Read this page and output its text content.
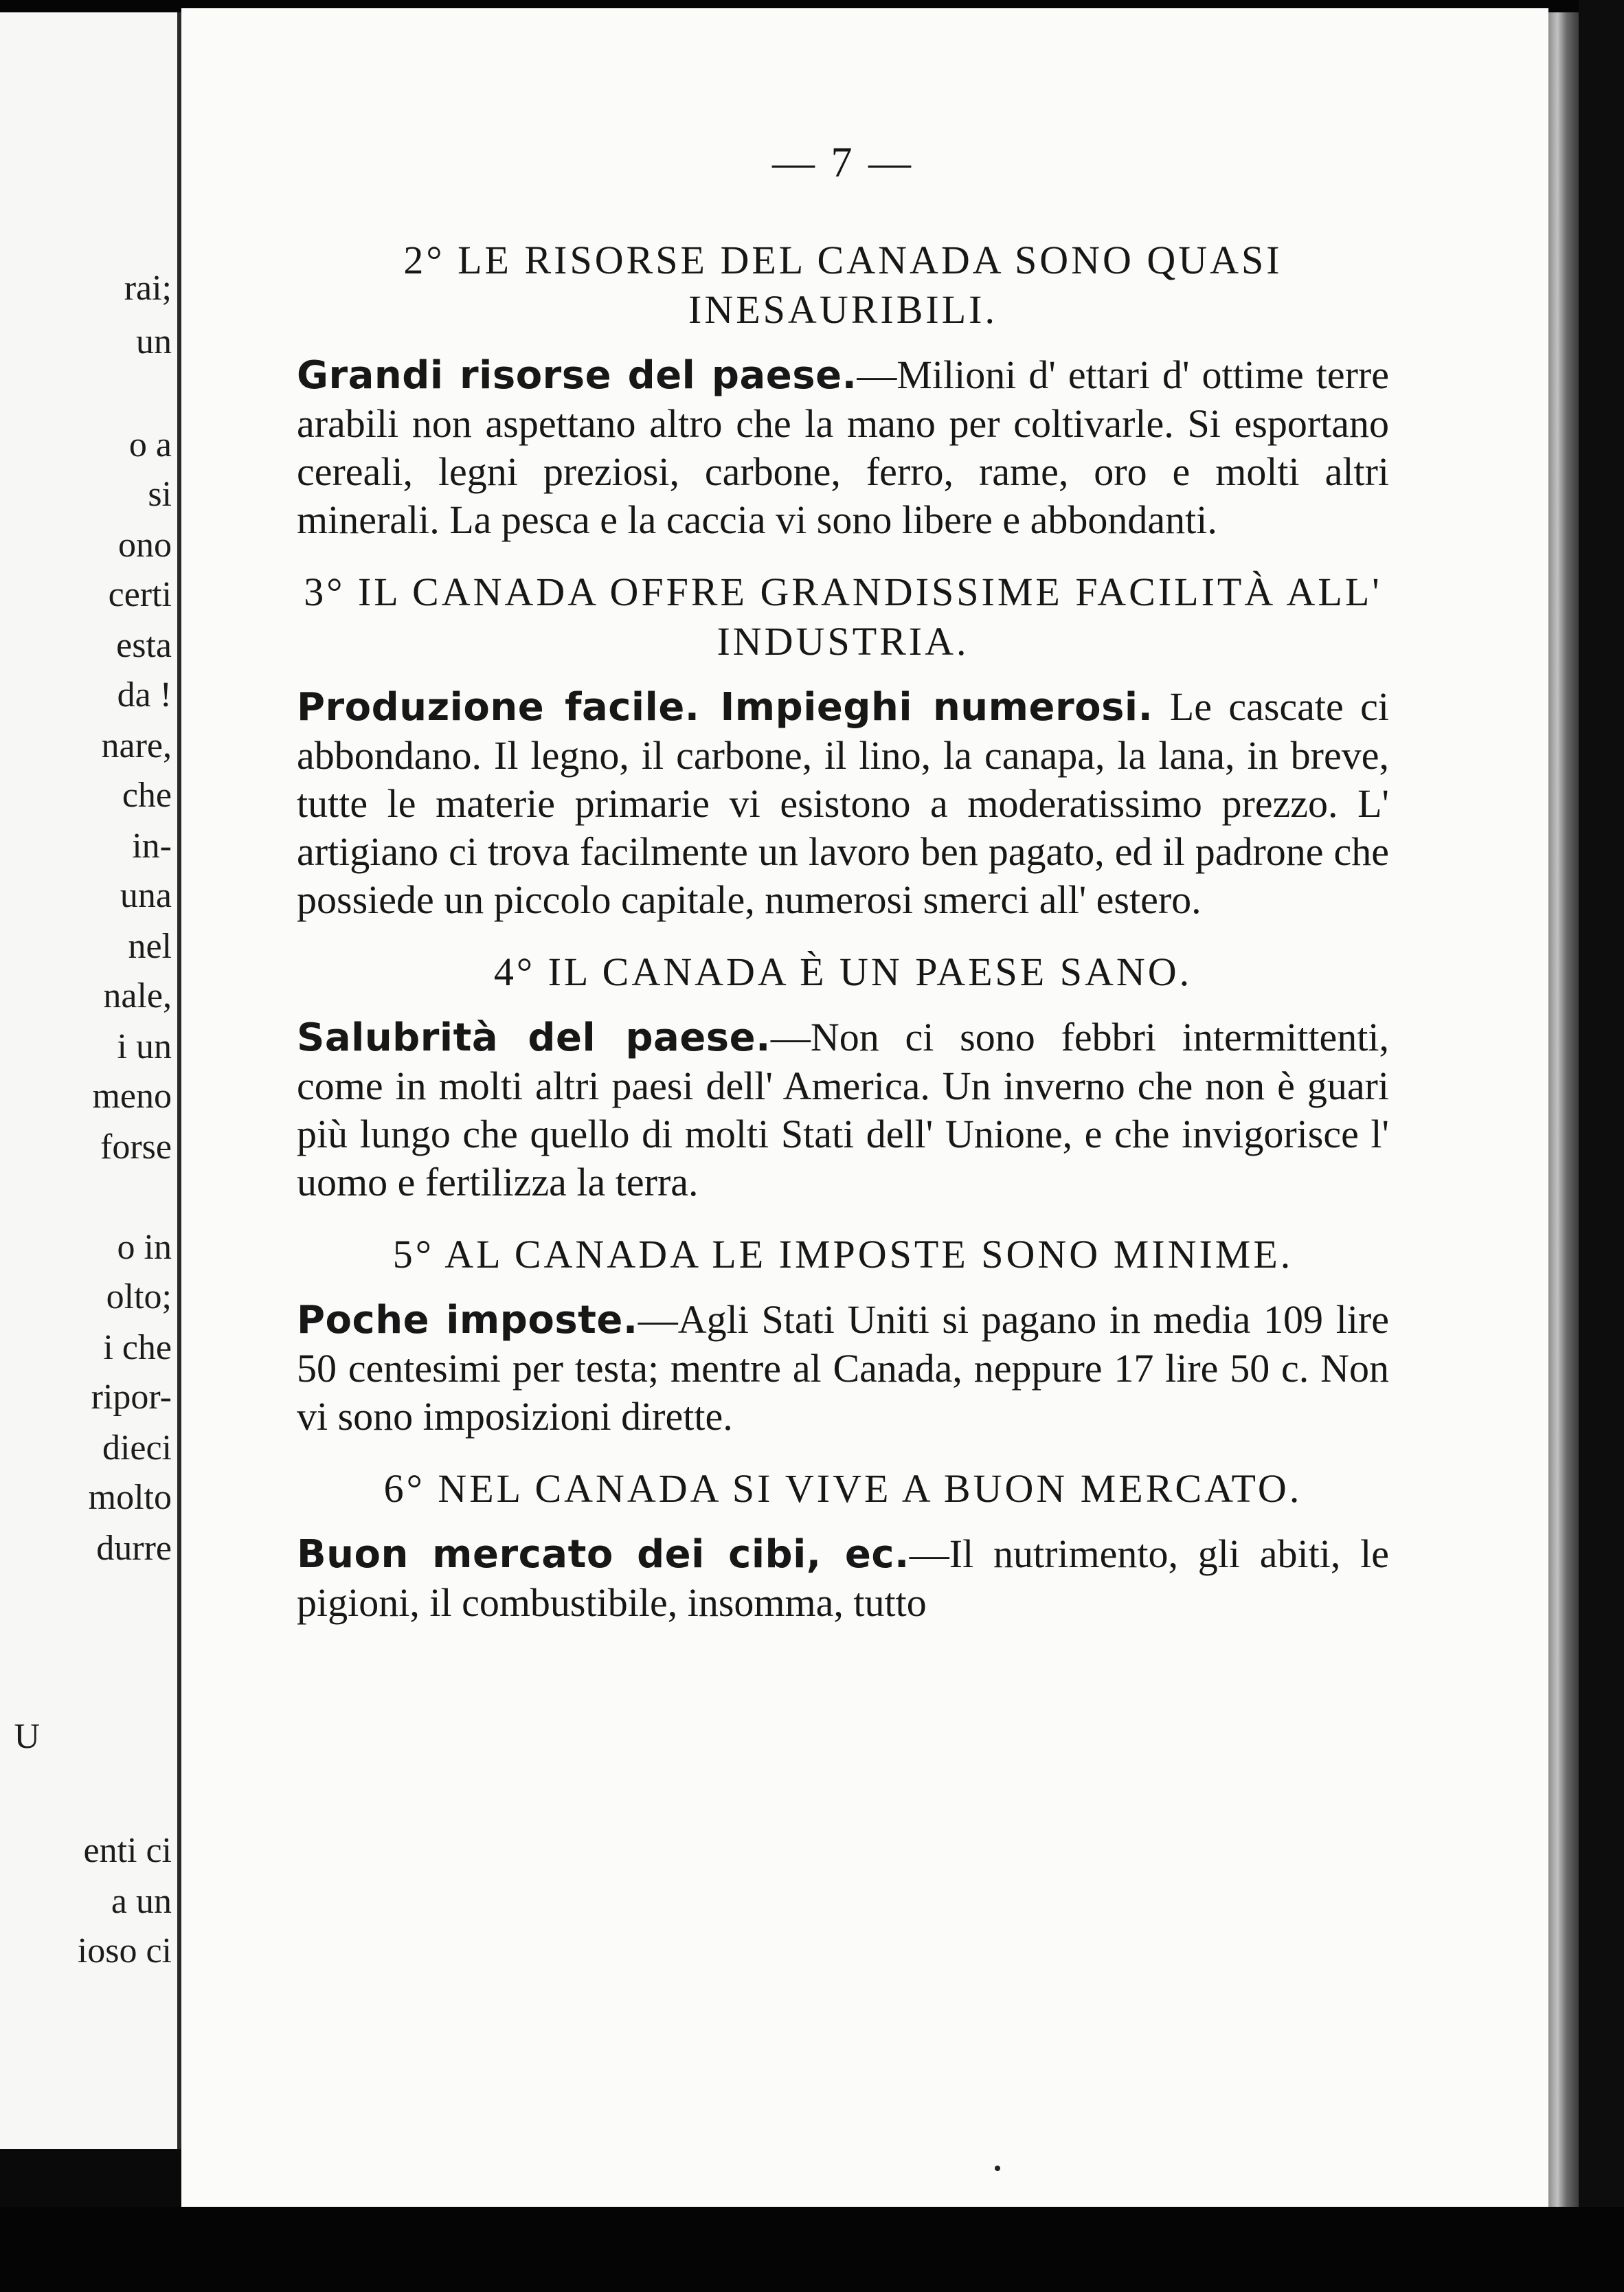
rai;
un
o a
si
ono
certi
esta
da !
nare,
che
in-
una
nel
nale,
i un
meno
forse
o in
olto;
i che
ripor-
dieci
molto
durre
U
enti ci
a un
ioso ci
— 7 —
2° LE RISORSE DEL CANADA SONO QUASI INESAURIBILI.

Grandi risorse del paese.—Milioni d' ettari d' ottime terre arabili non aspettano altro che la mano per coltivarle. Si esportano cereali, legni preziosi, carbone, ferro, rame, oro e molti altri minerali. La pesca e la caccia vi sono libere e abbondanti.

3° IL CANADA OFFRE GRANDISSIME FACILITÀ ALL' INDUSTRIA.

Produzione facile. Impieghi numerosi. Le cascate ci abbondano. Il legno, il carbone, il lino, la canapa, la lana, in breve, tutte le materie primarie vi esistono a moderatissimo prezzo. L' artigiano ci trova facilmente un lavoro ben pagato, ed il padrone che possiede un piccolo capitale, numerosi smerci all' estero.

4° IL CANADA È UN PAESE SANO.

Salubrità del paese.—Non ci sono febbri intermittenti, come in molti altri paesi dell' America. Un inverno che non è guari più lungo che quello di molti Stati dell' Unione, e che invigorisce l' uomo e fertilizza la terra.

5° AL CANADA LE IMPOSTE SONO MINIME.

Poche imposte.—Agli Stati Uniti si pagano in media 109 lire 50 centesimi per testa; mentre al Canada, neppure 17 lire 50 c. Non vi sono imposizioni dirette.

6° NEL CANADA SI VIVE A BUON MERCATO.

Buon mercato dei cibi, ec.—Il nutrimento, gli abiti, le pigioni, il combustibile, insomma, tutto
